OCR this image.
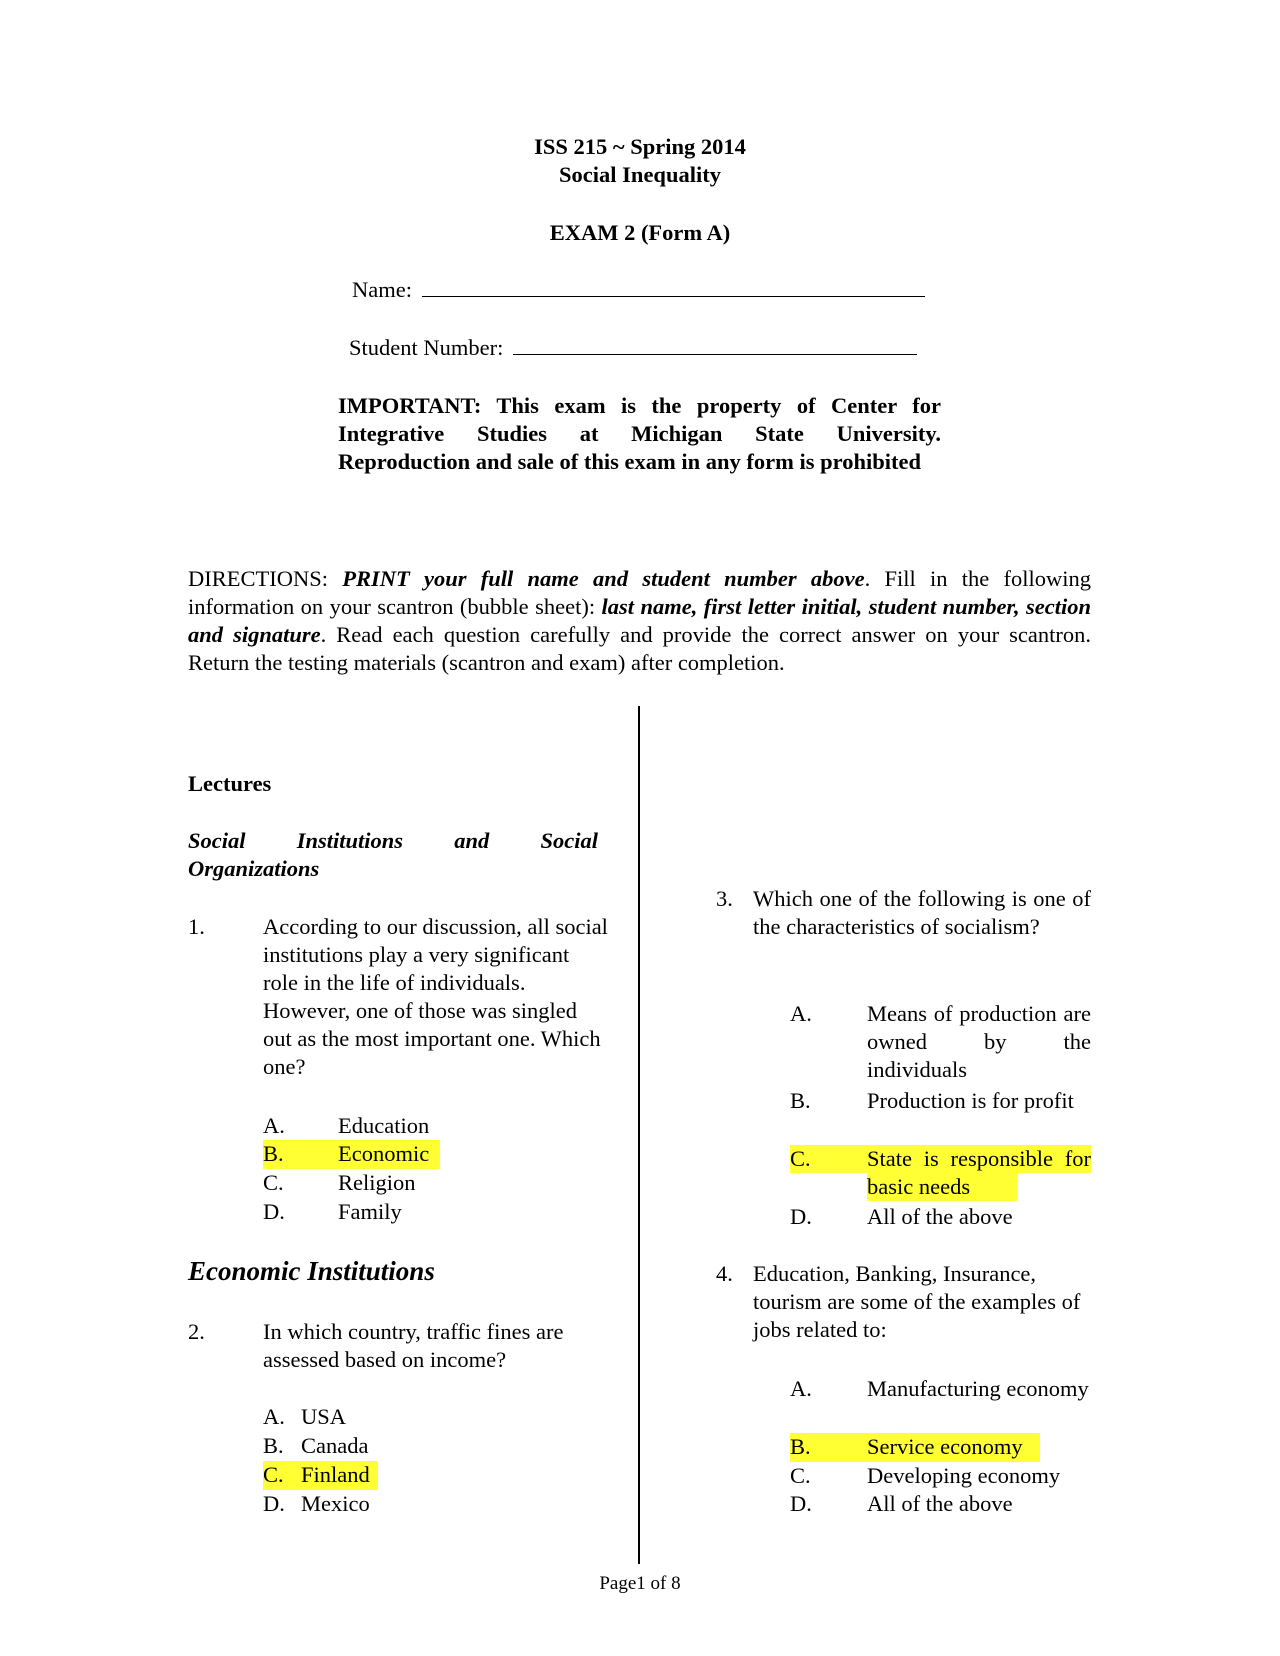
ISS 215 ~ Spring 2014
Social Inequality
EXAM 2 (Form A)
Name:
Student Number:
IMPORTANT: This exam is the property of Center for Integrative Studies at Michigan State University. Reproduction and sale of this exam in any form is prohibited
DIRECTIONS: PRINT your full name and student number above. Fill in the following information on your scantron (bubble sheet): last name, first letter initial, student number, section and signature. Read each question carefully and provide the correct answer on your scantron. Return the testing materials (scantron and exam) after completion.
Lectures
Social Institutions and Social
Organizations
1.	According to our discussion, all social institutions play a very significant role in the life of individuals. However, one of those was singled out as the most important one. Which one?
A. Education
B. Economic
C. Religion
D. Family
Economic Institutions
2.	In which country, traffic fines are assessed based on income?
A. USA
B. Canada
C. Finland
D. Mexico
3. Which one of the following is one of the characteristics of socialism?
A. Means of production are owned by the individuals
B.	Production is for profit
C.	State is responsible for basic needs
D. All of the above
4. Education, Banking, Insurance, tourism are some of the examples of jobs related to:
A. Manufacturing economy
B.	Service economy
C.	Developing economy
D. All of the above
Page1 of 8
